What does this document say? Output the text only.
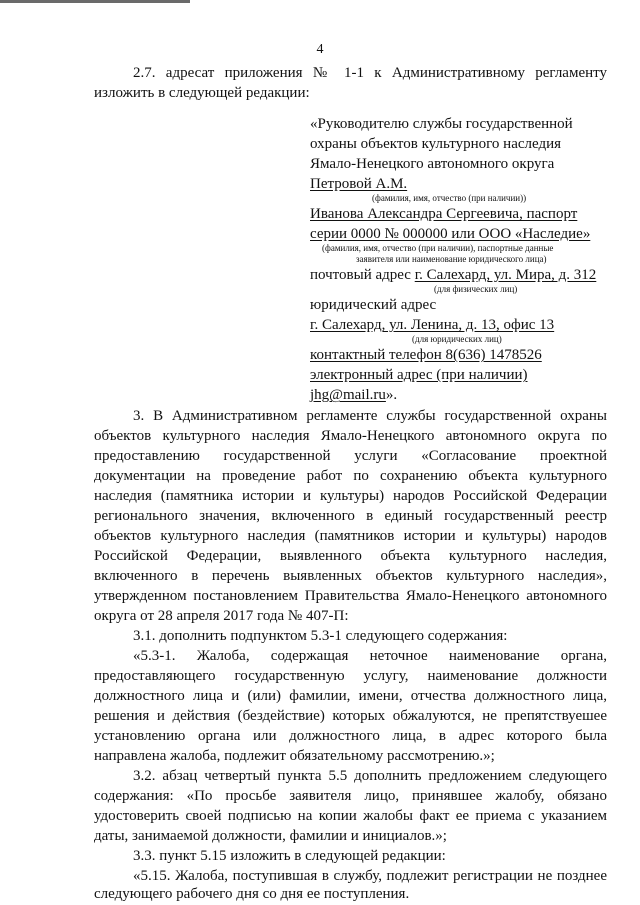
4

2.7. адресат приложения № 1-1 к Административному регламенту

изложить в следующей редакции:

«Руководителю службы государственной

охраны объектов культурного наследия

Ямало-Ненецкого автономного округа

Петровой А.М.

(фамилия, имя, отчество (при наличии))

Иванова Александра Сергеевича, паспорт

серии 0000 № 000000 или ООО «Наследие»

(фамилия, имя, отчество (при наличии), паспортные данные

заявителя или наименование юридического лица)

почтовый адрес г. Салехард, ул. Мира, д. 312

(для физических лиц)

юридический адрес

г. Салехард, ул. Ленина, д. 13, офис 13

(для юридических лиц)

контактный телефон 8(636) 1478526

электронный адрес (при наличии)

jhg@mail.ru».

3. В Административном регламенте службы государственной охраны

объектов культурного наследия Ямало-Ненецкого автономного округа по

предоставлению государственной услуги «Согласование проектной

документации на проведение работ по сохранению объекта культурного

наследия (памятника истории и культуры) народов Российской Федерации

регионального значения, включенного в единый государственный реестр

объектов культурного наследия (памятников истории и культуры) народов

Российской Федерации, выявленного объекта культурного наследия,

включенного в перечень выявленных объектов культурного наследия»,

утвержденном постановлением Правительства Ямало-Ненецкого автономного

округа от 28 апреля 2017 года № 407-П:

3.1. дополнить подпунктом 5.3-1 следующего содержания:

«5.3-1. Жалоба, содержащая неточное наименование органа,

предоставляющего государственную услугу, наименование должности

должностного лица и (или) фамилии, имени, отчества должностного лица,

решения и действия (бездействие) которых обжалуются, не препятствуешее

установлению органа или должностного лица, в адрес которого была

направлена жалоба, подлежит обязательному рассмотрению.»;

3.2. абзац четвертый пункта 5.5 дополнить предложением следующего

содержания: «По просьбе заявителя лицо, принявшее жалобу, обязано

удостоверить своей подписью на копии жалобы факт ее приема с указанием

даты, занимаемой должности, фамилии и инициалов.»;

3.3. пункт 5.15 изложить в следующей редакции:

«5.15. Жалоба, поступившая в службу, подлежит регистрации не позднее

следующего рабочего дня со дня ее поступления.
